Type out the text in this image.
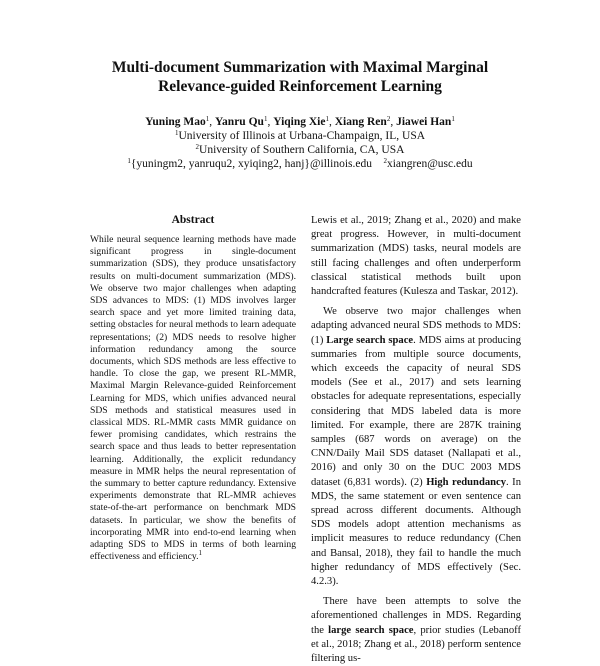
Multi-document Summarization with Maximal Marginal
Relevance-guided Reinforcement Learning
Yuning Mao$^1$, Yanru Qu$^1$, Yiqing Xie$^1$, Xiang Ren$^2$, Jiawei Han$^1$
$^1$University of Illinois at Urbana-Champaign, IL, USA
$^2$University of Southern California, CA, USA
$^1${yuningm2, yanruqu2, xyiqing2, hanj}@illinois.edu $^2$xiangren@usc.edu
Abstract
While neural sequence learning methods have made significant progress in single-document summarization (SDS), they produce unsatisfactory results on multi-document summarization (MDS). We observe two major challenges when adapting SDS advances to MDS: (1) MDS involves larger search space and yet more limited training data, setting obstacles for neural methods to learn adequate representations; (2) MDS needs to resolve higher information redundancy among the source documents, which SDS methods are less effective to handle. To close the gap, we present RL-MMR, Maximal Margin Relevance-guided Reinforcement Learning for MDS, which unifies advanced neural SDS methods and statistical measures used in classical MDS. RL-MMR casts MMR guidance on fewer promising candidates, which restrains the search space and thus leads to better representation learning. Additionally, the explicit redundancy measure in MMR helps the neural representation of the summary to better capture redundancy. Extensive experiments demonstrate that RL-MMR achieves state-of-the-art performance on benchmark MDS datasets. In particular, we show the benefits of incorporating MMR into end-to-end learning when adapting SDS to MDS in terms of both learning effectiveness and efficiency.$^1$

Lewis et al., 2019; Zhang et al., 2020) and make great progress. However, in multi-document summarization (MDS) tasks, neural models are still facing challenges and often underperform classical statistical methods built upon handcrafted features (Kulesza and Taskar, 2012).

We observe two major challenges when adapting advanced neural SDS methods to MDS: (1) Large search space. MDS aims at producing summaries from multiple source documents, which exceeds the capacity of neural SDS models (See et al., 2017) and sets learning obstacles for adequate representations, especially considering that MDS labeled data is more limited. For example, there are 287K training samples (687 words on average) on the CNN/Daily Mail SDS dataset (Nallapati et al., 2016) and only 30 on the DUC 2003 MDS dataset (6,831 words). (2) High redundancy. In MDS, the same statement or even sentence can spread across different documents. Although SDS models adopt attention mechanisms as implicit measures to reduce redundancy (Chen and Bansal, 2018), they fail to handle the much higher redundancy of MDS effectively (Sec. 4.2.3).

There have been attempts to solve the aforementioned challenges in MDS. Regarding the large search space, prior studies (Lebanoff et al., 2018; Zhang et al., 2018) perform sentence filtering us-
